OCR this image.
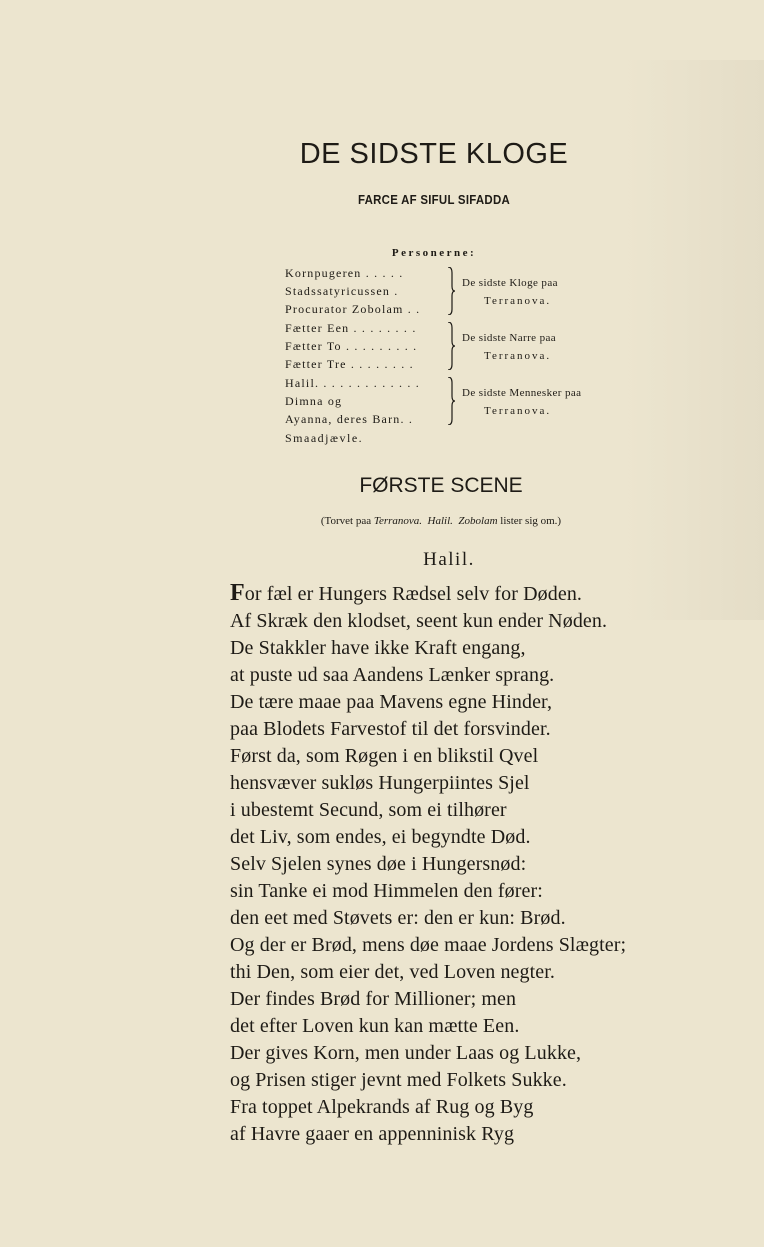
DE SIDSTE KLOGE
FARCE AF SIFUL SIFADDA
Personerne:
Kornpugeren . . . . .
Stadssatyricussen .
Procurator Zobolam . .
De sidste Kloge paa
Terranova.
Fætter Een . . . . . . . .
Fætter To . . . . . . . . .
Fætter Tre . . . . . . . .
De sidste Narre paa
Terranova.
Halil. . . . . . . . . . . . .
Dimna og
Ayanna, deres Barn. .
De sidste Mennesker paa
Terranova.
Smaadjævle.
FØRSTE SCENE
(Torvet paa Terranova. Halil. Zobolam lister sig om.)
Halil.
For fæl er Hungers Rædsel selv for Døden.
Af Skræk den klodset, seent kun ender Nøden.
De Stakkler have ikke Kraft engang,
at puste ud saa Aandens Lænker sprang.
De tære maae paa Mavens egne Hinder,
paa Blodets Farvestof til det forsvinder.
Først da, som Røgen i en blikstil Qvel
hensvæver sukløs Hungerpiintes Sjel
i ubestemt Secund, som ei tilhører
det Liv, som endes, ei begyndte Død.
Selv Sjelen synes døe i Hungersnød:
sin Tanke ei mod Himmelen den fører:
den eet med Støvets er: den er kun: Brød.
Og der er Brød, mens døe maae Jordens Slægter;
thi Den, som eier det, ved Loven negter.
Der findes Brød for Millioner; men
det efter Loven kun kan mætte Een.
Der gives Korn, men under Laas og Lukke,
og Prisen stiger jevnt med Folkets Sukke.
Fra toppet Alpekrands af Rug og Byg
af Havre gaaer en appenninisk Ryg
